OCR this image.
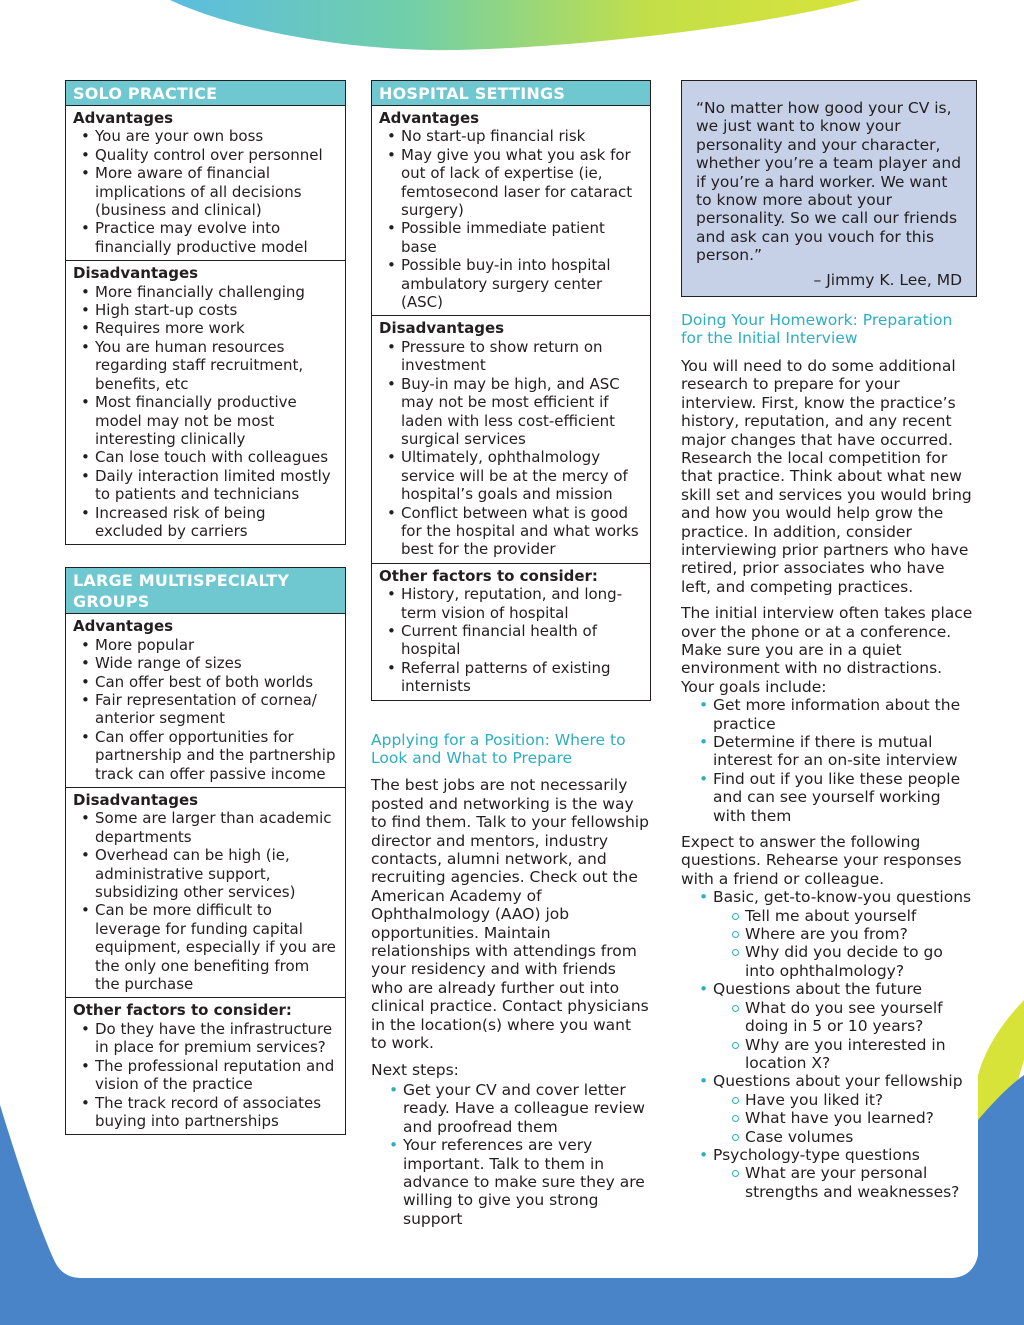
SOLO PRACTICE
Advantages
• You are your own boss
• Quality control over personnel
• More aware of financial implications of all decisions (business and clinical)
• Practice may evolve into financially productive model
Disadvantages
• More financially challenging
• High start-up costs
• Requires more work
• You are human resources regarding staff recruitment, benefits, etc
• Most financially productive model may not be most interesting clinically
• Can lose touch with colleagues
• Daily interaction limited mostly to patients and technicians
• Increased risk of being excluded by carriers
LARGE MULTISPECIALTY GROUPS
Advantages
• More popular
• Wide range of sizes
• Can offer best of both worlds
• Fair representation of cornea/ anterior segment
• Can offer opportunities for partnership and the partnership track can offer passive income
Disadvantages
• Some are larger than academic departments
• Overhead can be high (ie, administrative support, subsidizing other services)
• Can be more difficult to leverage for funding capital equipment, especially if you are the only one benefiting from the purchase
Other factors to consider:
• Do they have the infrastructure in place for premium services?
• The professional reputation and vision of the practice
• The track record of associates buying into partnerships
HOSPITAL SETTINGS
Advantages
• No start-up financial risk
• May give you what you ask for out of lack of expertise (ie, femtosecond laser for cataract surgery)
• Possible immediate patient base
• Possible buy-in into hospital ambulatory surgery center (ASC)
Disadvantages
• Pressure to show return on investment
• Buy-in may be high, and ASC may not be most efficient if laden with less cost-efficient surgical services
• Ultimately, ophthalmology service will be at the mercy of hospital’s goals and mission
• Conflict between what is good for the hospital and what works best for the provider
Other factors to consider:
• History, reputation, and long-term vision of hospital
• Current financial health of hospital
• Referral patterns of existing internists
Applying for a Position: Where to Look and What to Prepare

The best jobs are not necessarily posted and networking is the way to find them. Talk to your fellowship director and mentors, industry contacts, alumni network, and recruiting agencies. Check out the American Academy of Ophthalmology (AAO) job opportunities. Maintain relationships with attendings from your residency and with friends who are already further out into clinical practice. Contact physicians in the location(s) where you want to work.

Next steps:

• Get your CV and cover letter ready. Have a colleague review and proofread them
• Your references are very important. Talk to them in advance to make sure they are willing to give you strong support
“No matter how good your CV is, we just want to know your personality and your character, whether you’re a team player and if you’re a hard worker. We want to know more about your personality. So we call our friends and ask can you vouch for this person.”
– Jimmy K. Lee, MD
Doing Your Homework: Preparation for the Initial Interview

You will need to do some additional research to prepare for your interview. First, know the practice’s history, reputation, and any recent major changes that have occurred. Research the local competition for that practice. Think about what new skill set and services you would bring and how you would help grow the practice. In addition, consider interviewing prior partners who have retired, prior associates who have left, and competing practices.

The initial interview often takes place over the phone or at a conference. Make sure you are in a quiet environment with no distractions. Your goals include:

• Get more information about the practice
• Determine if there is mutual interest for an on-site interview
• Find out if you like these people and can see yourself working with them

Expect to answer the following questions. Rehearse your responses with a friend or colleague.

• Basic, get-to-know-you questions
Tell me about yourself
Where are you from?
Why did you decide to go into ophthalmology?
• Questions about the future
What do you see yourself doing in 5 or 10 years?
Why are you interested in location X?
• Questions about your fellowship
Have you liked it?
What have you learned?
Case volumes
• Psychology-type questions
What are your personal strengths and weaknesses?
